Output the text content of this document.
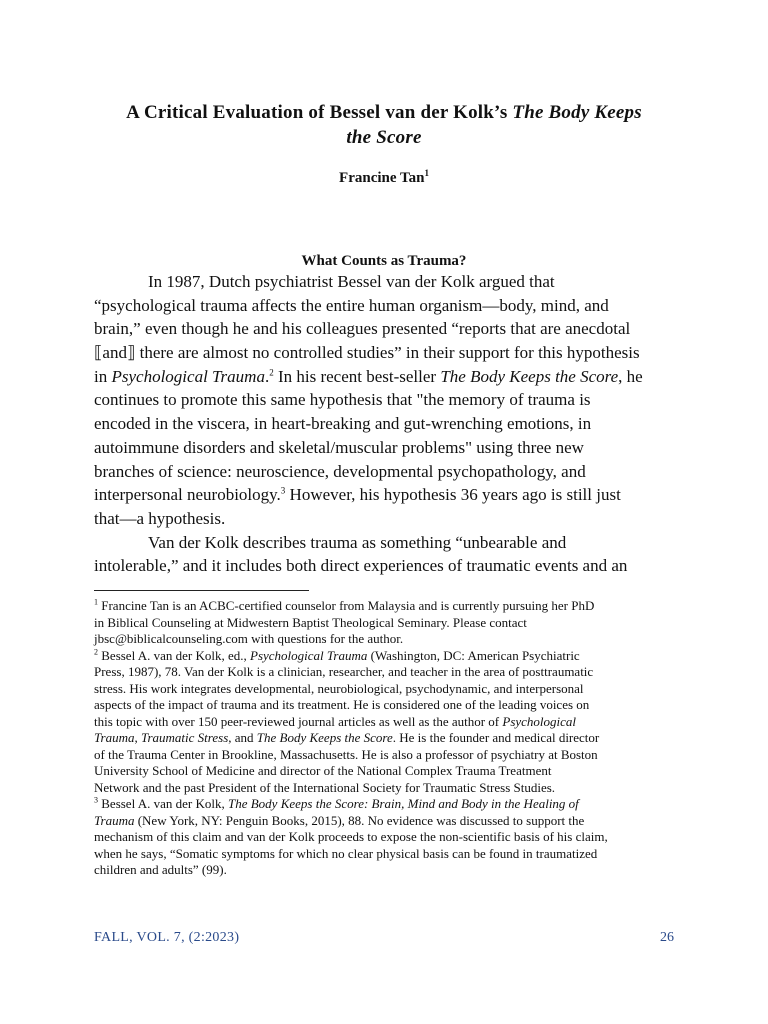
A Critical Evaluation of Bessel van der Kolk’s The Body Keeps
the Score
Francine Tan$^1$
What Counts as Trauma?
In 1987, Dutch psychiatrist Bessel van der Kolk argued that
“psychological trauma affects the entire human organism—body, mind, and
brain,” even though he and his colleagues presented “reports that are anecdotal
⟦and⟧ there are almost no controlled studies” in their support for this hypothesis
in Psychological Trauma.$^2$ In his recent best-seller The Body Keeps the Score, he
continues to promote this same hypothesis that "the memory of trauma is
encoded in the viscera, in heart-breaking and gut-wrenching emotions, in
autoimmune disorders and skeletal/muscular problems" using three new
branches of science: neuroscience, developmental psychopathology, and
interpersonal neurobiology.$^3$ However, his hypothesis 36 years ago is still just
that—a hypothesis.
Van der Kolk describes trauma as something “unbearable and
intolerable,” and it includes both direct experiences of traumatic events and an
$^1$ Francine Tan is an ACBC-certified counselor from Malaysia and is currently pursuing her PhD
in Biblical Counseling at Midwestern Baptist Theological Seminary. Please contact
jbsc@biblicalcounseling.com with questions for the author.
$^2$ Bessel A. van der Kolk, ed., Psychological Trauma (Washington, DC: American Psychiatric
Press, 1987), 78. Van der Kolk is a clinician, researcher, and teacher in the area of posttraumatic
stress. His work integrates developmental, neurobiological, psychodynamic, and interpersonal
aspects of the impact of trauma and its treatment. He is considered one of the leading voices on
this topic with over 150 peer-reviewed journal articles as well as the author of Psychological
Trauma, Traumatic Stress, and The Body Keeps the Score. He is the founder and medical director
of the Trauma Center in Brookline, Massachusetts. He is also a professor of psychiatry at Boston
University School of Medicine and director of the National Complex Trauma Treatment
Network and the past President of the International Society for Traumatic Stress Studies.
$^3$ Bessel A. van der Kolk, The Body Keeps the Score: Brain, Mind and Body in the Healing of
Trauma (New York, NY: Penguin Books, 2015), 88. No evidence was discussed to support the
mechanism of this claim and van der Kolk proceeds to expose the non-scientific basis of his claim,
when he says, “Somatic symptoms for which no clear physical basis can be found in traumatized
children and adults” (99).
FALL, VOL. 7, (2:2023)	26
